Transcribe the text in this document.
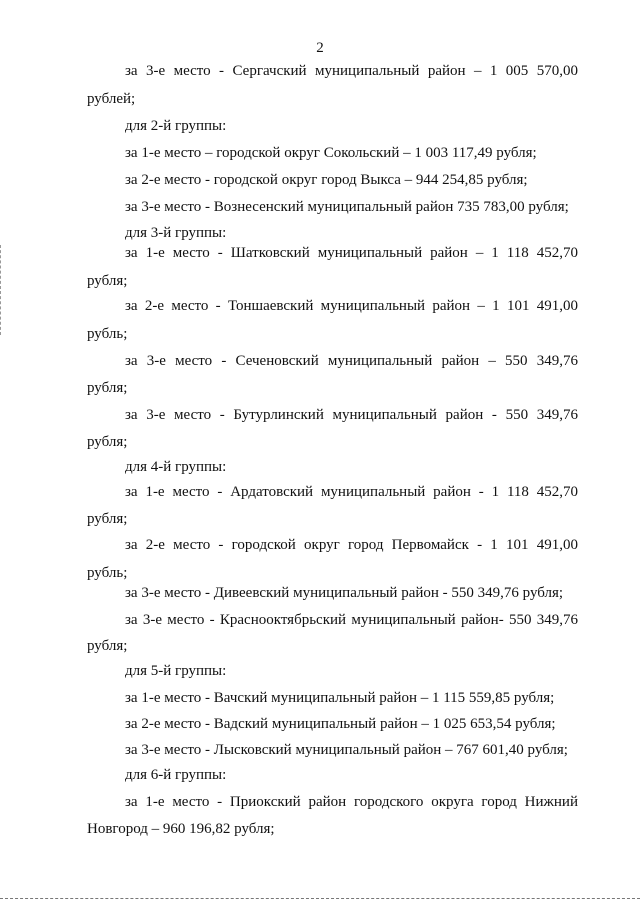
2
за 3-е место - Сергачский муниципальный район – 1 005 570,00
рублей;
для 2-й группы:
за 1-е место – городской округ Сокольский – 1 003 117,49 рубля;
за 2-е место - городской округ город Выкса – 944 254,85 рубля;
за 3-е место - Вознесенский муниципальный район 735 783,00 рубля;
для 3-й группы:
за 1-е место - Шатковский муниципальный район – 1 118 452,70
рубля;
за 2-е место - Тоншаевский муниципальный район – 1 101 491,00
рубль;
за 3-е место - Сеченовский муниципальный район – 550 349,76
рубля;
за 3-е место - Бутурлинский муниципальный район - 550 349,76
рубля;
для 4-й группы:
за 1-е место - Ардатовский муниципальный район - 1 118 452,70
рубля;
за 2-е место - городской округ город Первомайск - 1 101 491,00
рубль;
за 3-е место - Дивеевский муниципальный район - 550 349,76 рубля;
за 3-е место - Краснооктябрьский муниципальный район- 550 349,76
рубля;
для 5-й группы:
за 1-е место - Вачский муниципальный район – 1 115 559,85 рубля;
за 2-е место - Вадский муниципальный район – 1 025 653,54 рубля;
за 3-е место - Лысковский муниципальный район – 767 601,40 рубля;
для 6-й группы:
за 1-е место - Приокский район городского округа город Нижний
Новгород – 960 196,82 рубля;
